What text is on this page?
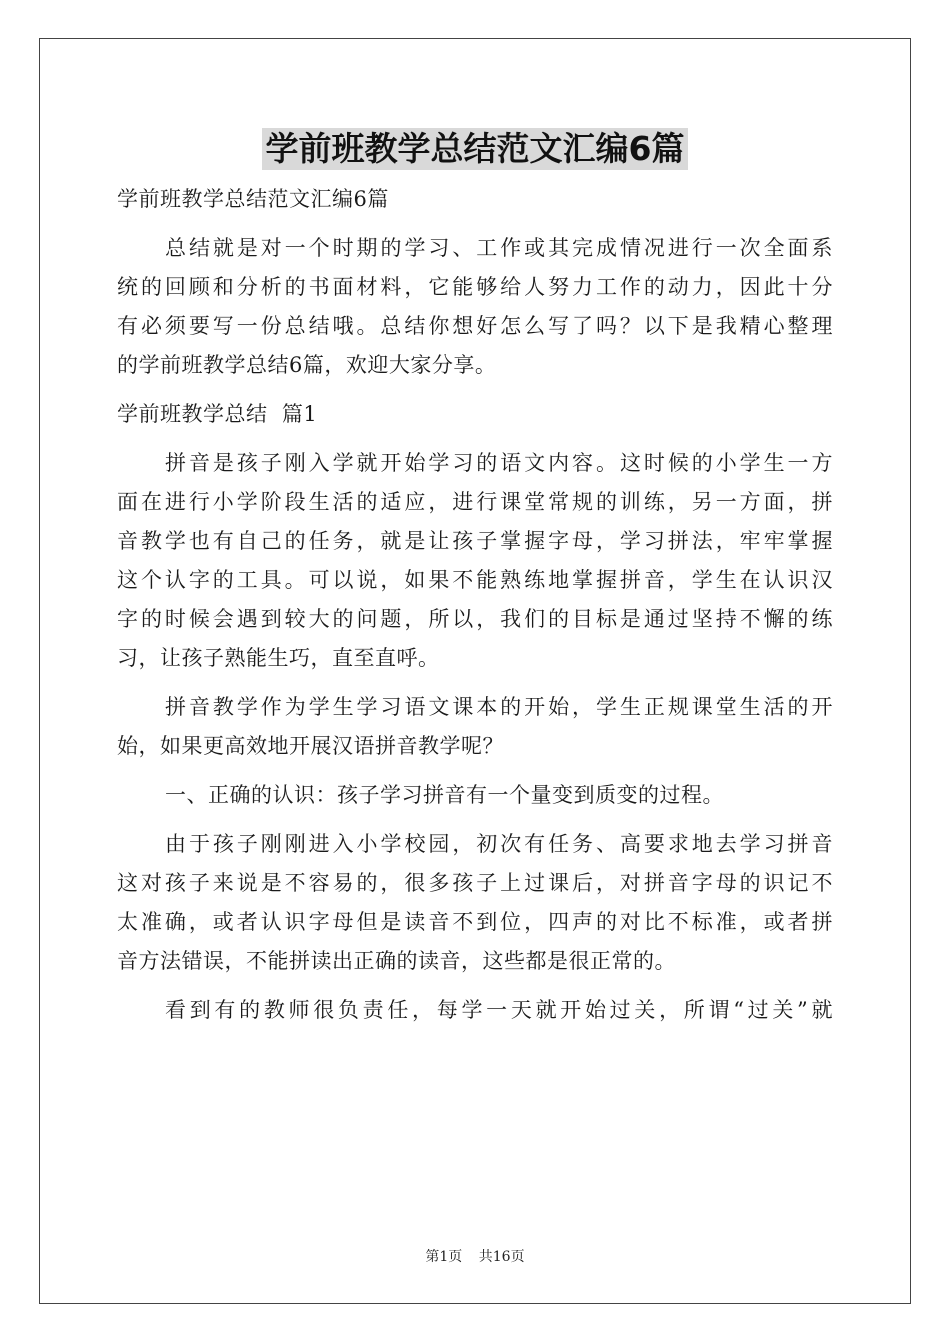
学前班教学总结范文汇编6篇
学前班教学总结范文汇编6篇
总结就是对一个时期的学习、工作或其完成情况进行一次全面系
统的回顾和分析的书面材料，它能够给人努力工作的动力，因此十分
有必须要写一份总结哦。总结你想好怎么写了吗？以下是我精心整理
的学前班教学总结6篇，欢迎大家分享。
学前班教学总结  篇1
拼音是孩子刚入学就开始学习的语文内容。这时候的小学生一方
面在进行小学阶段生活的适应，进行课堂常规的训练，另一方面，拼
音教学也有自己的任务，就是让孩子掌握字母，学习拼法，牢牢掌握
这个认字的工具。可以说，如果不能熟练地掌握拼音，学生在认识汉
字的时候会遇到较大的问题，所以，我们的目标是通过坚持不懈的练
习，让孩子熟能生巧，直至直呼。
拼音教学作为学生学习语文课本的开始，学生正规课堂生活的开
始，如果更高效地开展汉语拼音教学呢？
一、正确的认识：孩子学习拼音有一个量变到质变的过程。
由于孩子刚刚进入小学校园，初次有任务、高要求地去学习拼音
这对孩子来说是不容易的，很多孩子上过课后，对拼音字母的识记不
太准确，或者认识字母但是读音不到位，四声的对比不标准，或者拼
音方法错误，不能拼读出正确的读音，这些都是很正常的。
看到有的教师很负责任，每学一天就开始过关，所谓“过关”就
第1页 共16页
